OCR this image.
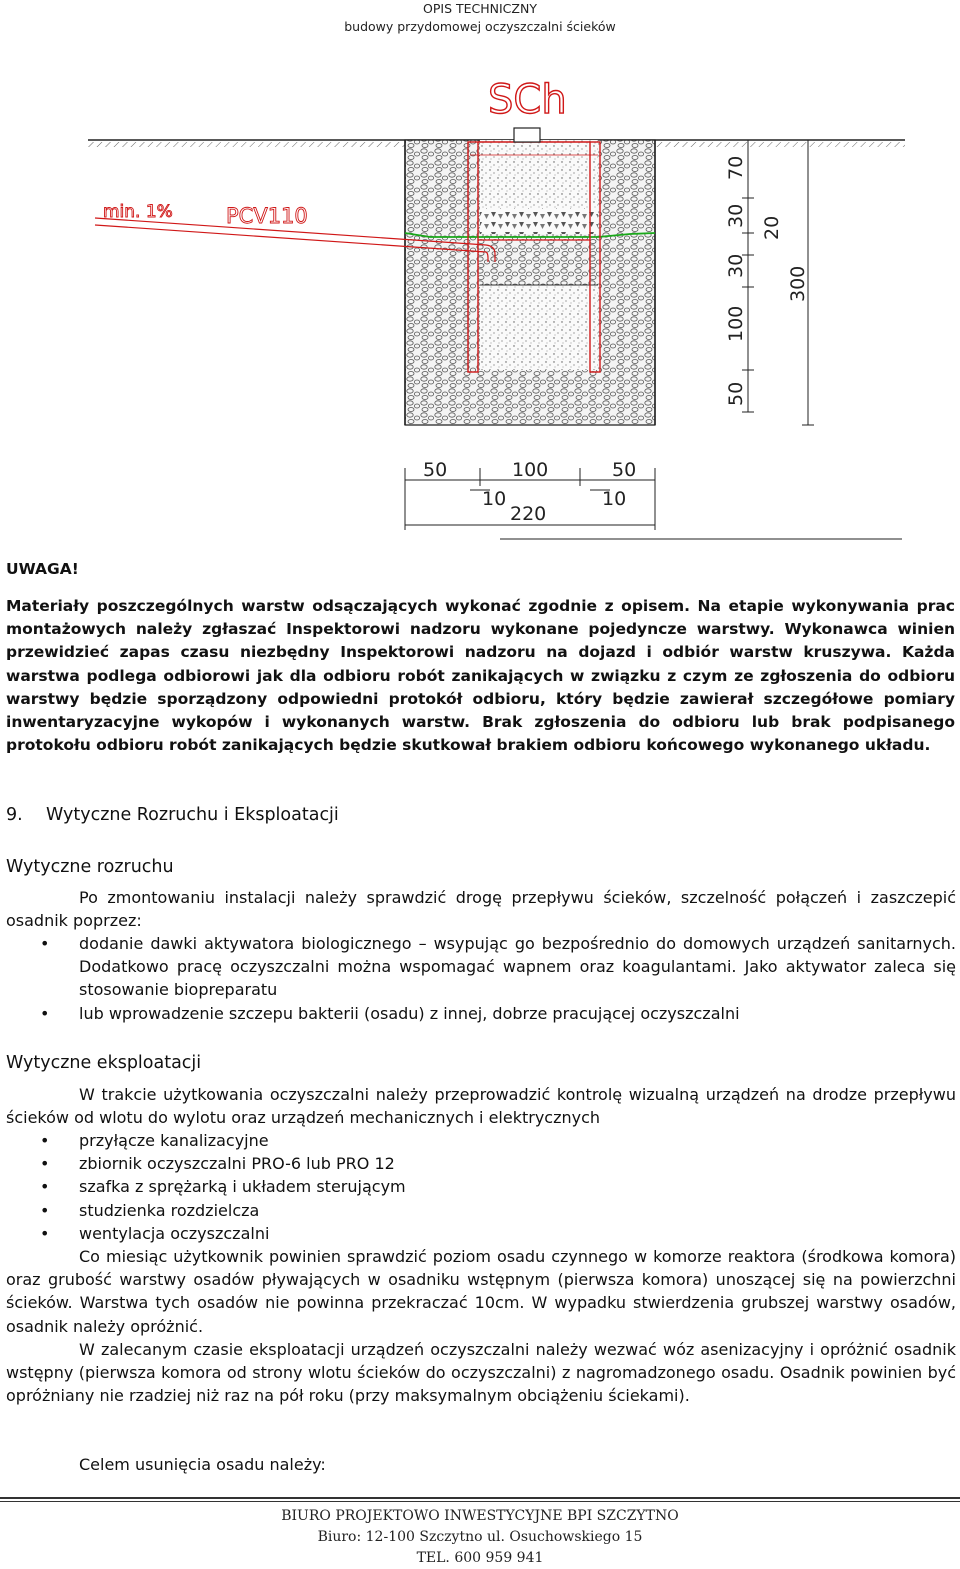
OPIS TECHNICZNY
budowy przydomowej oczyszczalni ścieków
SCh
min. 1%	PCV110
70
30
30
100
50
20
300
50	100	50
10	10
220
UWAGA!
Materiały poszczególnych warstw odsączających wykonać zgodnie z opisem. Na etapie wykonywania prac montażowych należy zgłaszać Inspektorowi nadzoru wykonane pojedyncze warstwy. Wykonawca winien przewidzieć zapas czasu niezbędny Inspektorowi nadzoru na dojazd i odbiór warstw kruszywa. Każda warstwa podlega odbiorowi jak dla odbioru robót zanikających w związku z czym ze zgłoszenia do odbioru warstwy będzie sporządzony odpowiedni protokół odbioru, który będzie zawierał szczegółowe pomiary inwentaryzacyjne wykopów i wykonanych warstw. Brak zgłoszenia do odbioru lub brak podpisanego protokołu odbioru robót zanikających będzie skutkował brakiem odbioru końcowego wykonanego układu.
9. Wytyczne Rozruchu i Eksploatacji
Wytyczne rozruchu
Po zmontowaniu instalacji należy sprawdzić drogę przepływu ścieków, szczelność połączeń i zaszczepić osadnik poprzez:
• dodanie dawki aktywatora biologicznego – wsypując go bezpośrednio do domowych urządzeń sanitarnych. Dodatkowo pracę oczyszczalni można wspomagać wapnem oraz koagulantami. Jako aktywator zaleca się stosowanie biopreparatu
• lub wprowadzenie szczepu bakterii (osadu) z innej, dobrze pracującej oczyszczalni
Wytyczne eksploatacji
W trakcie użytkowania oczyszczalni należy przeprowadzić kontrolę wizualną urządzeń na drodze przepływu ścieków od wlotu do wylotu oraz urządzeń mechanicznych i elektrycznych
• przyłącze kanalizacyjne
• zbiornik oczyszczalni PRO-6 lub PRO 12
• szafka z sprężarką i układem sterującym
• studzienka rozdzielcza
• wentylacja oczyszczalni
Co miesiąc użytkownik powinien sprawdzić poziom osadu czynnego w komorze reaktora (środkowa komora) oraz grubość warstwy osadów pływających w osadniku wstępnym (pierwsza komora) unoszącej się na powierzchni ścieków. Warstwa tych osadów nie powinna przekraczać 10cm. W wypadku stwierdzenia grubszej warstwy osadów, osadnik należy opróżnić.
W zalecanym czasie eksploatacji urządzeń oczyszczalni należy wezwać wóz asenizacyjny i opróżnić osadnik wstępny (pierwsza komora od strony wlotu ścieków do oczyszczalni) z nagromadzonego osadu. Osadnik powinien być opróżniany nie rzadziej niż raz na pół roku (przy maksymalnym obciążeniu ściekami).
Celem usunięcia osadu należy:
BIURO PROJEKTOWO INWESTYCYJNE BPI SZCZYTNO
Biuro: 12-100 Szczytno ul. Osuchowskiego 15
TEL. 600 959 941
